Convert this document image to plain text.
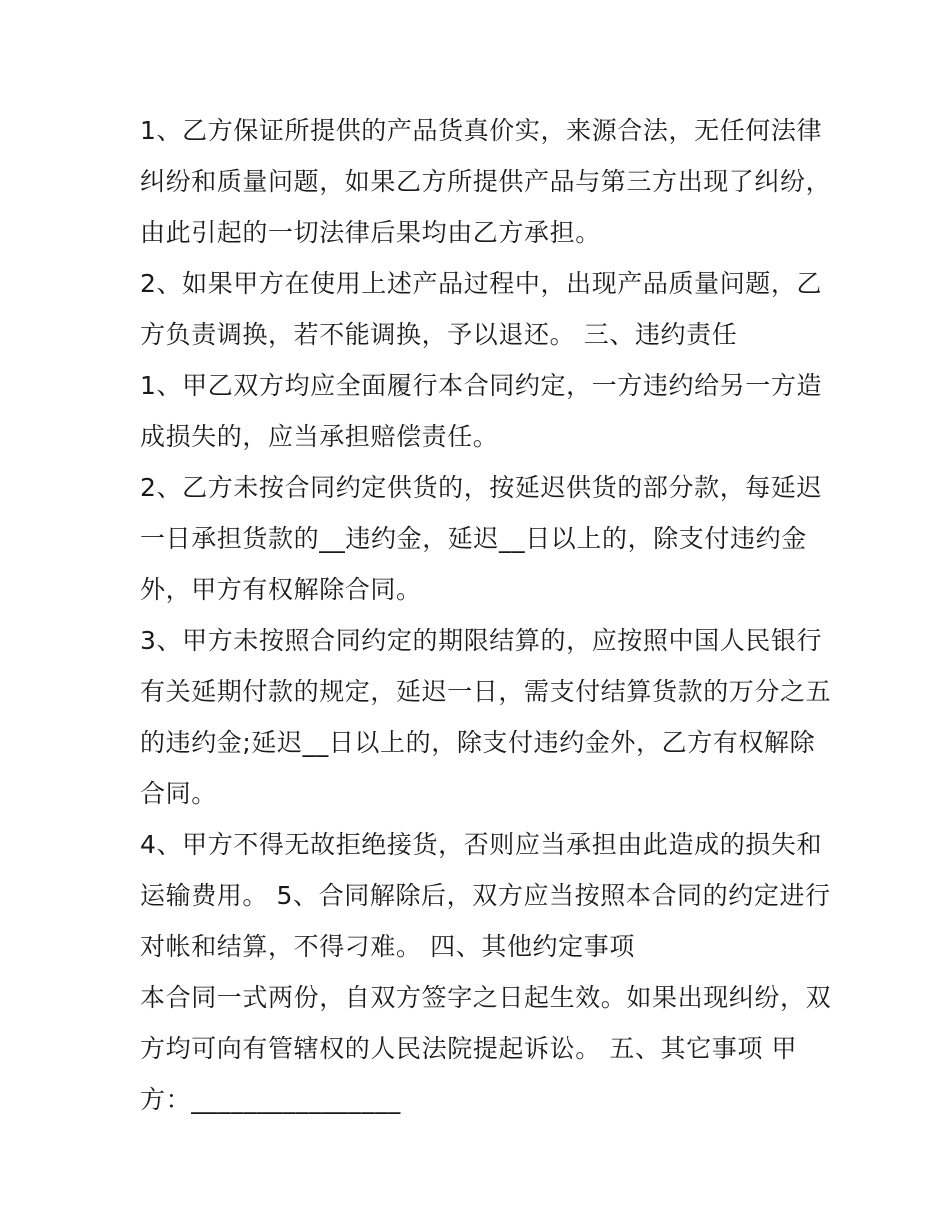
1、乙方保证所提供的产品货真价实，来源合法，无任何法律
纠纷和质量问题，如果乙方所提供产品与第三方出现了纠纷，
由此引起的一切法律后果均由乙方承担。
2、如果甲方在使用上述产品过程中，出现产品质量问题，乙
方负责调换，若不能调换，予以退还。 三、违约责任
1、甲乙双方均应全面履行本合同约定，一方违约给另一方造
成损失的，应当承担赔偿责任。
2、乙方未按合同约定供货的，按延迟供货的部分款，每延迟
一日承担货款的__违约金，延迟__日以上的，除支付违约金
外，甲方有权解除合同。
3、甲方未按照合同约定的期限结算的，应按照中国人民银行
有关延期付款的规定，延迟一日，需支付结算货款的万分之五
的违约金;延迟__日以上的，除支付违约金外，乙方有权解除
合同。
4、甲方不得无故拒绝接货，否则应当承担由此造成的损失和
运输费用。 5、合同解除后，双方应当按照本合同的约定进行
对帐和结算，不得刁难。 四、其他约定事项
本合同一式两份，自双方签字之日起生效。如果出现纠纷，双
方均可向有管辖权的人民法院提起诉讼。 五、其它事项 甲
方：________________
